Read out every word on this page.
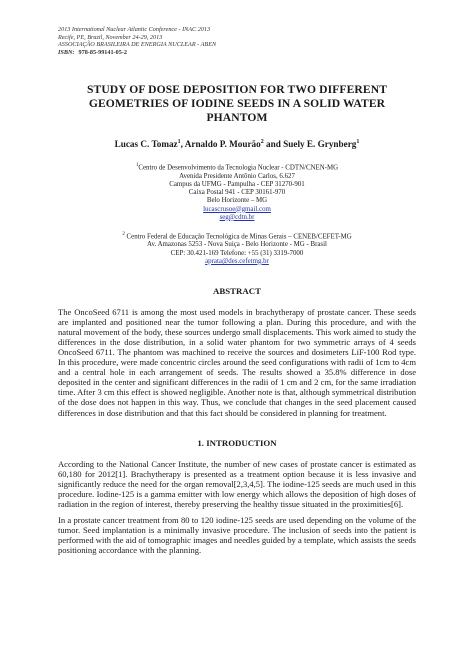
2013 International Nuclear Atlantic Conference - INAC 2013
Recife, PE, Brazil, November 24-29, 2013
ASSOCIAÇÃO BRASILEIRA DE ENERGIA NUCLEAR - ABEN
ISBN: 978-85-99141-05-2
STUDY OF DOSE DEPOSITION FOR TWO DIFFERENT
GEOMETRIES OF IODINE SEEDS IN A SOLID WATER PHANTOM
Lucas C. Tomaz$^1$, Arnaldo P. Mourão$^2$ and Suely E. Grynberg$^1$
$^1$Centro de Desenvolvimento da Tecnologia Nuclear - CDTN/CNEN-MG
Avenida Presidente Antônio Carlos, 6.627
Campus da UFMG - Pampulha - CEP 31270-901
Caixa Postal 941 - CEP 30161-970
Belo Horizonte – MG
lucascrusoe@gmail.com
seg@cdtn.br
$^2$ Centro Federal de Educação Tecnológica de Minas Gerais – CENEB/CEFET-MG
Av. Amazonas 5253 - Nova Suiça - Belo Horizonte - MG - Brasil
CEP: 30.421-169 Telefone: +55 (31) 3319-7000
aprata@des.cefetmg.br
ABSTRACT

The OncoSeed 6711 is among the most used models in brachytherapy of prostate cancer. These seeds are implanted and positioned near the tumor following a plan. During this procedure, and with the natural movement of the body, these sources undergo small displacements. This work aimed to study the differences in the dose distribution, in a solid water phantom for two symmetric arrays of 4 seeds OncoSeed 6711. The phantom was machined to receive the sources and dosimeters LiF-100 Rod type. In this procedure, were made concentric circles around the seed configurations with radii of 1cm to 4cm and a central hole in each arrangement of seeds. The results showed a 35.8% difference in dose deposited in the center and significant differences in the radii of 1 cm and 2 cm, for the same irradiation time. After 3 cm this effect is showed negligible. Another note is that, although symmetrical distribution of the dose does not happen in this way. Thus, we conclude that changes in the seed placement caused differences in dose distribution and that this fact should be considered in planning for treatment.

1. INTRODUCTION

According to the National Cancer Institute, the number of new cases of prostate cancer is estimated as 60,180 for 2012[1]. Brachytherapy is presented as a treatment option because it is less invasive and significantly reduce the need for the organ removal[2,3,4,5]. The iodine-125 seeds are much used in this procedure. Iodine-125 is a gamma emitter with low energy which allows the deposition of high doses of radiation in the region of interest, thereby preserving the healthy tissue situated in the proximities[6].

In a prostate cancer treatment from 80 to 120 iodine-125 seeds are used depending on the volume of the tumor. Seed implantation is a minimally invasive procedure. The inclusion of seeds into the patient is performed with the aid of tomographic images and needles guided by a template, which assists the seeds positioning accordance with the planning.
